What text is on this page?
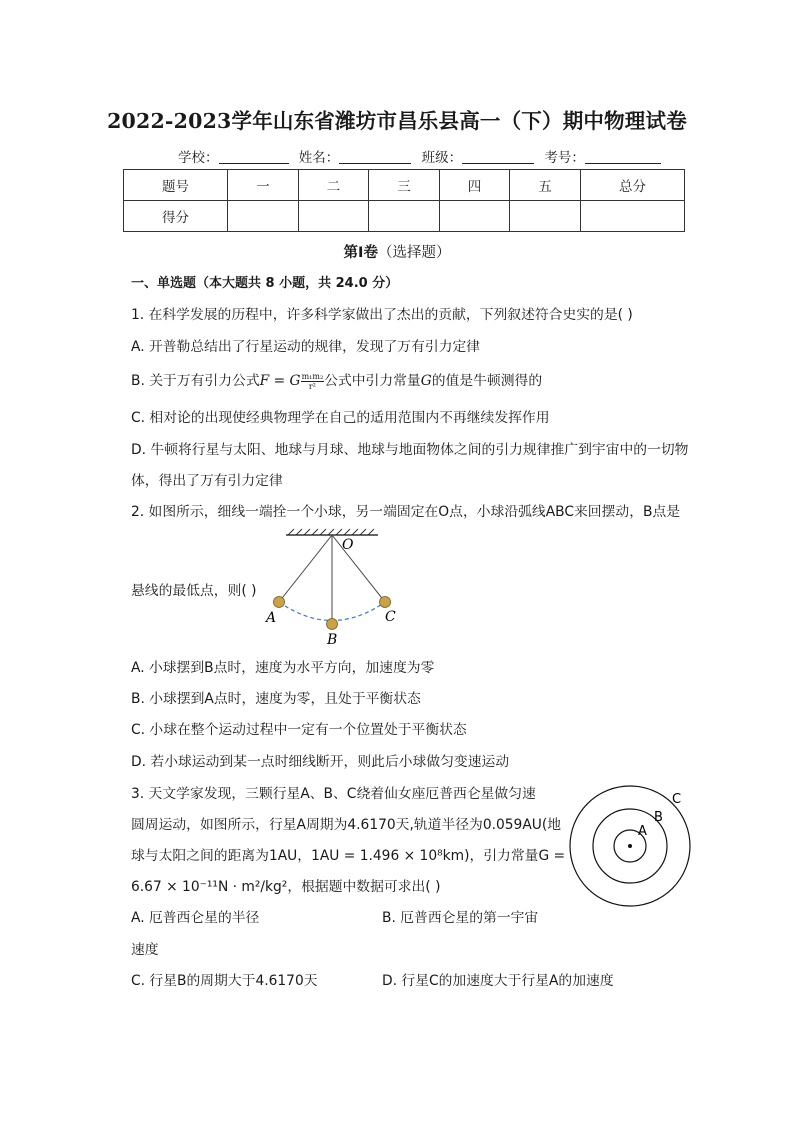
2022-2023学年山东省潍坊市昌乐县高一（下）期中物理试卷
学校：	姓名：	班级：	考号：
题号	一	二	三	四	五	总分
得分						
第I卷（选择题）
一、单选题（本大题共 8 小题，共 24.0 分）
1. 在科学发展的历程中，许多科学家做出了杰出的贡献，下列叙述符合史实的是( )
A. 开普勒总结出了行星运动的规律，发现了万有引力定律
B. 关于万有引力公式F = G $\frac{\text{m₁m₂}}{\text{r²}}$公式中引力常量G的值是牛顿测得的
C. 相对论的出现使经典物理学在自己的适用范围内不再继续发挥作用
D. 牛顿将行星与太阳、地球与月球、地球与地面物体之间的引力规律推广到宇宙中的一切物
体，得出了万有引力定律
2. 如图所示，细线一端拴一个小球，另一端固定在O点，小球沿弧线ABC来回摆动，B点是
O
A
B
C
悬线的最低点，则( )
A. 小球摆到B点时，速度为水平方向，加速度为零
B. 小球摆到A点时，速度为零，且处于平衡状态
C. 小球在整个运动过程中一定有一个位置处于平衡状态
D. 若小球运动到某一点时细线断开，则此后小球做匀变速运动
3. 天文学家发现，三颗行星A、B、C绕着仙女座厄普西仑星做匀速
圆周运动，如图所示，行星A周期为4.6170天,轨道半径为0.059AU(地
球与太阳之间的距离为1AU，1AU = 1.496 × 10⁸km)，引力常量G =
6.67 × 10⁻¹¹N · m²/kg²，根据题中数据可求出( )
A
B
C
A. 厄普西仑星的半径	B. 厄普西仑星的第一宇宙
速度
C. 行星B的周期大于4.6170天	D. 行星C的加速度大于行星A的加速度
